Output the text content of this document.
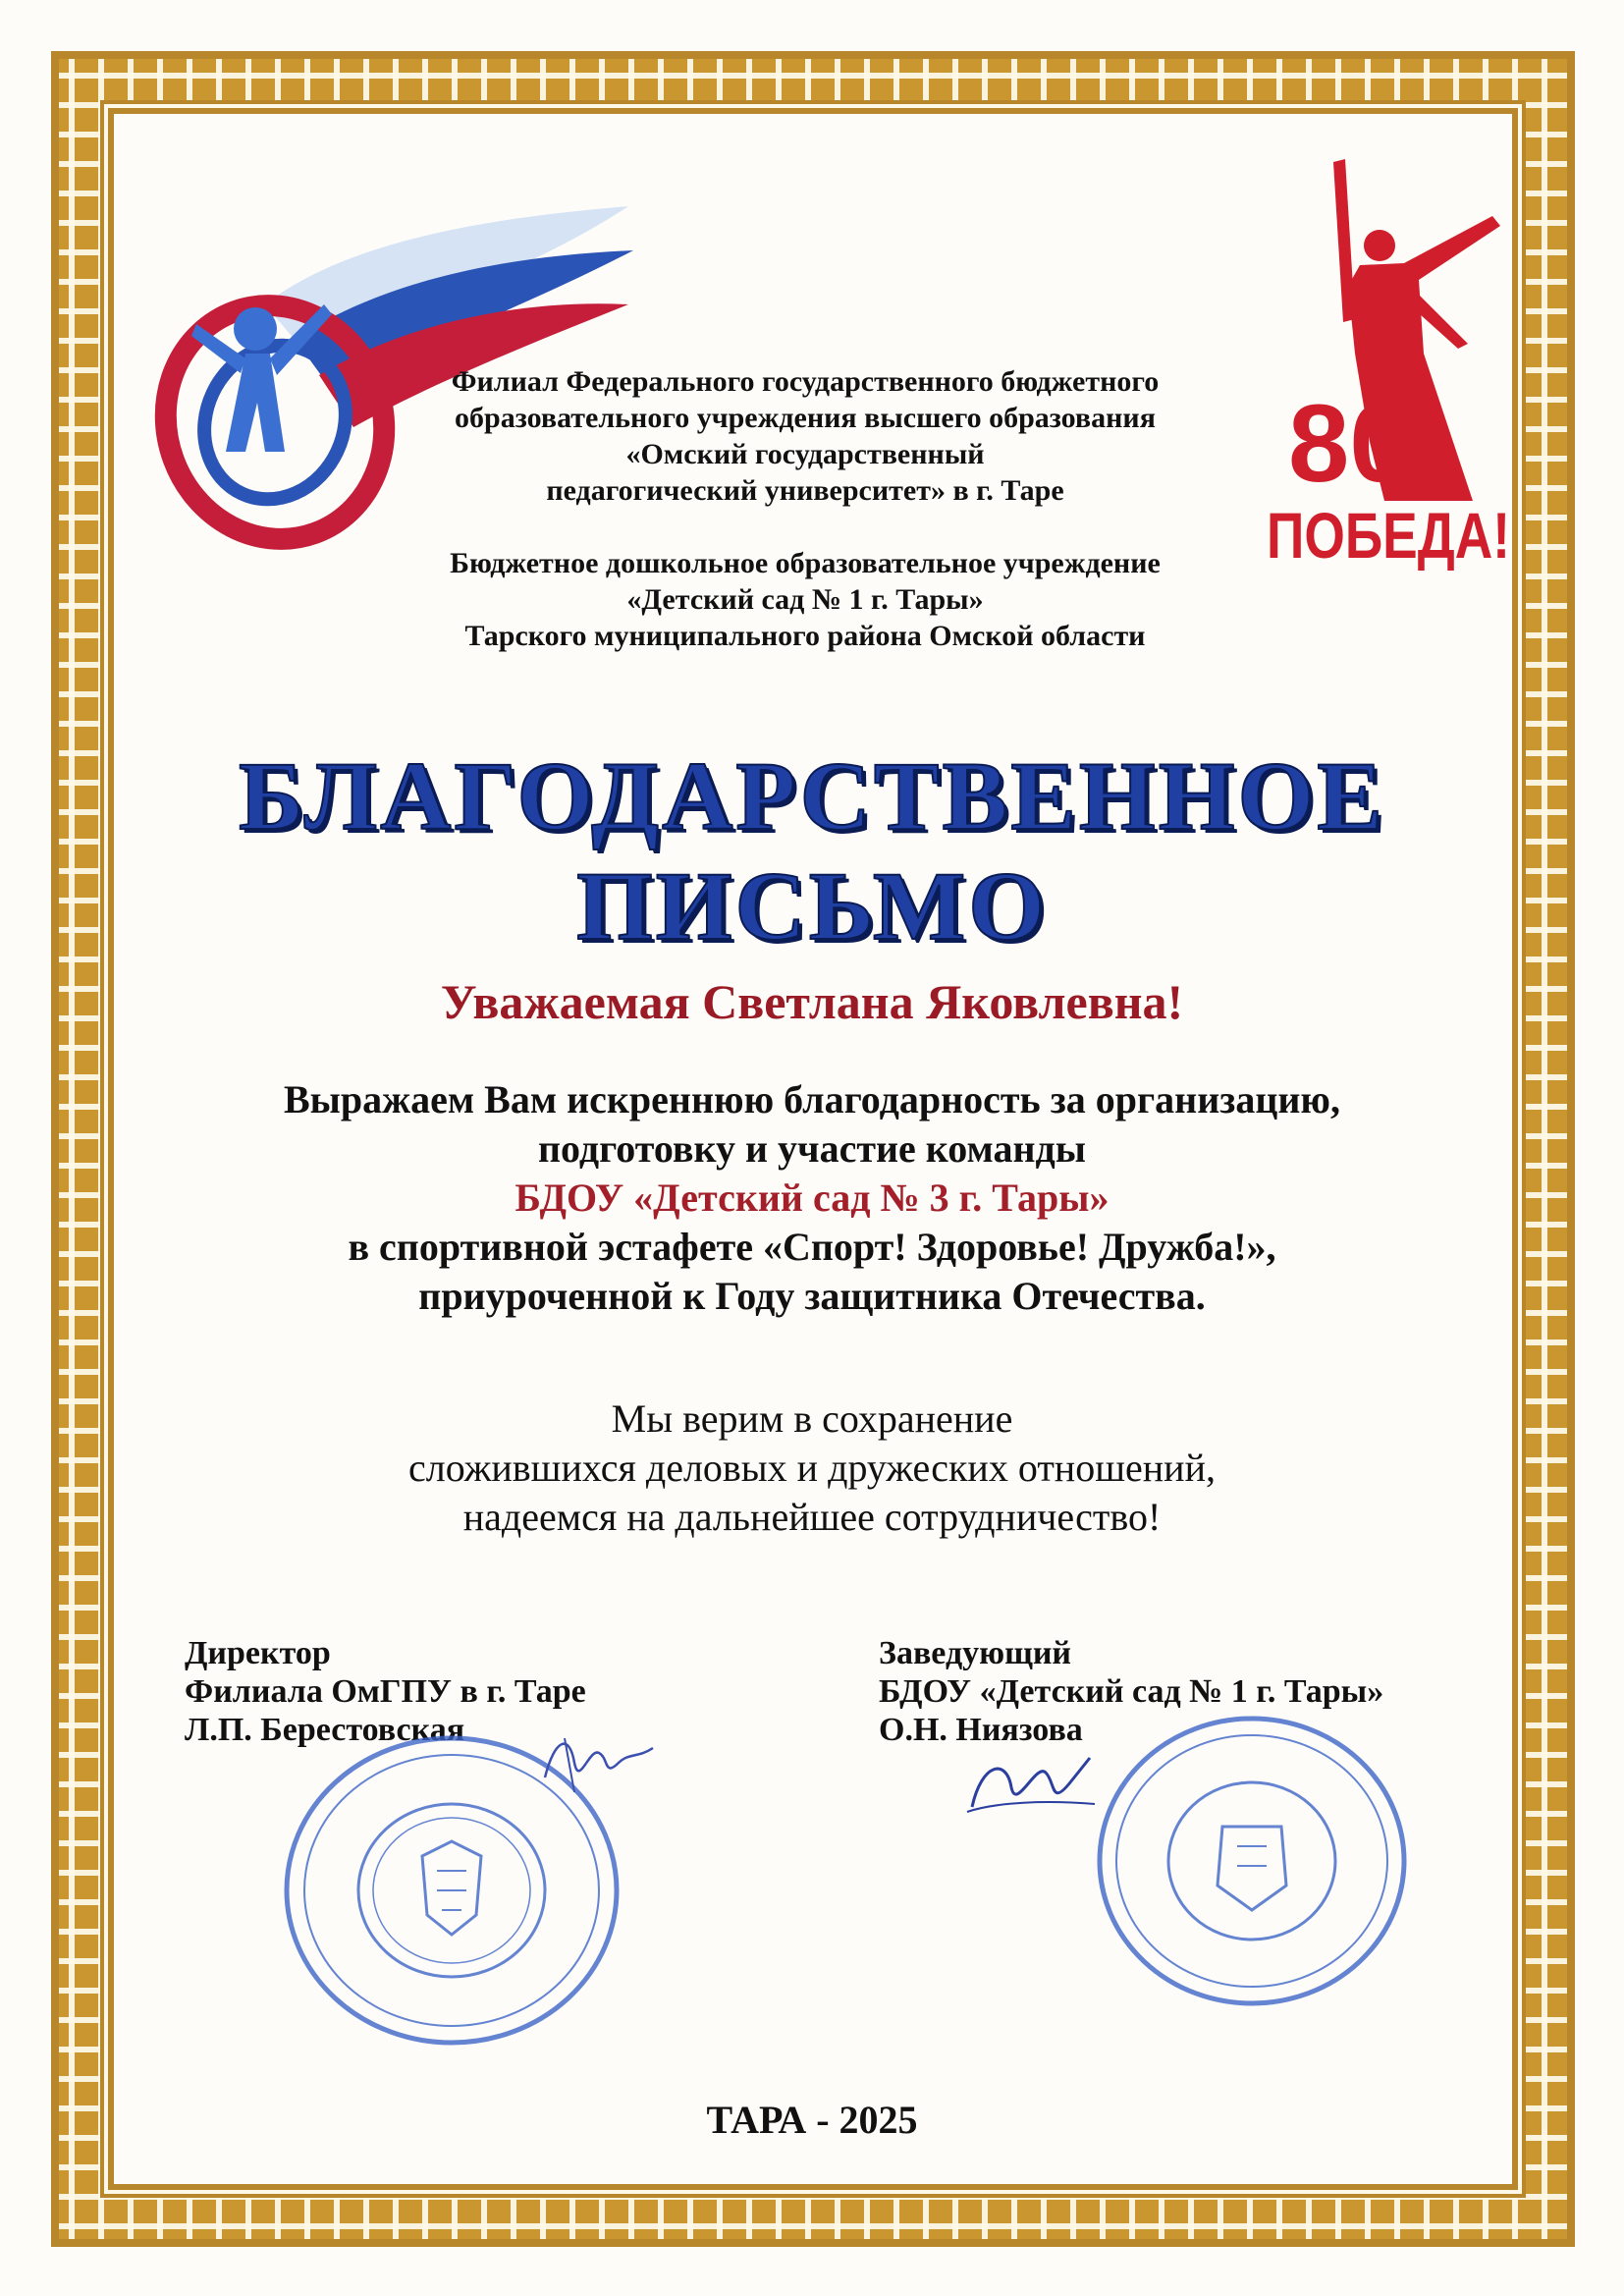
Филиал Федерального государственного бюджетного
образовательного учреждения высшего образования
«Омский государственный
педагогический университет» в г. Таре
Бюджетное дошкольное образовательное учреждение
«Детский сад № 1 г. Тары»
Тарского муниципального района Омской области
80
ПОБЕДА!
БЛАГОДАРСТВЕННОЕ
ПИСЬМО
Уважаемая Светлана Яковлевна!
Выражаем Вам искреннюю благодарность за организацию,
подготовку и участие команды
БДОУ «Детский сад № 3 г. Тары»
в спортивной эстафете «Спорт! Здоровье! Дружба!»,
приуроченной к Году защитника Отечества.
Мы верим в сохранение
сложившихся деловых и дружеских отношений,
надеемся на дальнейшее сотрудничество!
Директор
Филиала ОмГПУ в г. Таре
Л.П. Берестовская
Заведующий
БДОУ «Детский сад № 1 г. Тары»
О.Н. Ниязова
ТАРА - 2025
